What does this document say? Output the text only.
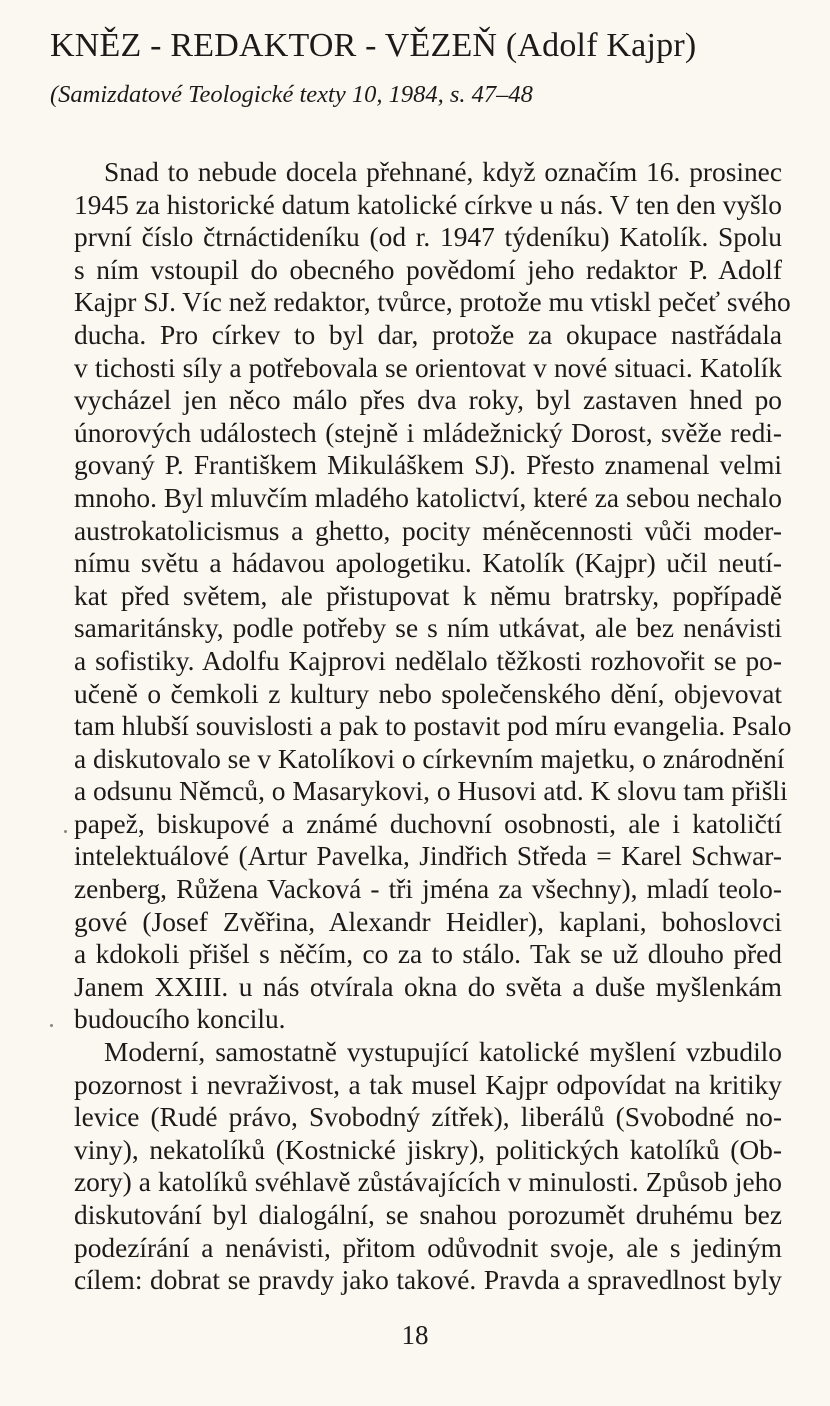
KNĚZ - REDAKTOR - VĚZEŇ (Adolf Kajpr)
(Samizdatové Teologické texty 10, 1984, s. 47–48
Snad to nebude docela přehnané, když označím 16. prosinec
1945 za historické datum katolické církve u nás. V ten den vyšlo
první číslo čtrnáctideníku (od r. 1947 týdeníku) Katolík. Spolu
s ním vstoupil do obecného povědomí jeho redaktor P. Adolf
Kajpr SJ. Víc než redaktor, tvůrce, protože mu vtiskl pečeť svého
ducha. Pro církev to byl dar, protože za okupace nastřádala
v tichosti síly a potřebovala se orientovat v nové situaci. Katolík
vycházel jen něco málo přes dva roky, byl zastaven hned po
únorových událostech (stejně i mládežnický Dorost, svěže redi-
govaný P. Františkem Mikuláškem SJ). Přesto znamenal velmi
mnoho. Byl mluvčím mladého katolictví, které za sebou nechalo
austrokatolicismus a ghetto, pocity méněcennosti vůči moder-
nímu světu a hádavou apologetiku. Katolík (Kajpr) učil neutí-
kat před světem, ale přistupovat k němu bratrsky, popřípadě
samaritánsky, podle potřeby se s ním utkávat, ale bez nenávisti
a sofistiky. Adolfu Kajprovi nedělalo těžkosti rozhovořit se po-
učeně o čemkoli z kultury nebo společenského dění, objevovat
tam hlubší souvislosti a pak to postavit pod míru evangelia. Psalo
a diskutovalo se v Katolíkovi o církevním majetku, o znárodnění
a odsunu Němců, o Masarykovi, o Husovi atd. K slovu tam přišli
papež, biskupové a známé duchovní osobnosti, ale i katoličtí
intelektuálové (Artur Pavelka, Jindřich Středa = Karel Schwar-
zenberg, Růžena Vacková - tři jména za všechny), mladí teolo-
gové (Josef Zvěřina, Alexandr Heidler), kaplani, bohoslovci
a kdokoli přišel s něčím, co za to stálo. Tak se už dlouho před
Janem XXIII. u nás otvírala okna do světa a duše myšlenkám
budoucího koncilu.
Moderní, samostatně vystupující katolické myšlení vzbudilo
pozornost i nevraživost, a tak musel Kajpr odpovídat na kritiky
levice (Rudé právo, Svobodný zítřek), liberálů (Svobodné no-
viny), nekatolíků (Kostnické jiskry), politických katolíků (Ob-
zory) a katolíků svéhlavě zůstávajících v minulosti. Způsob jeho
diskutování byl dialogální, se snahou porozumět druhému bez
podezírání a nenávisti, přitom odůvodnit svoje, ale s jediným
cílem: dobrat se pravdy jako takové. Pravda a spravedlnost byly
18
